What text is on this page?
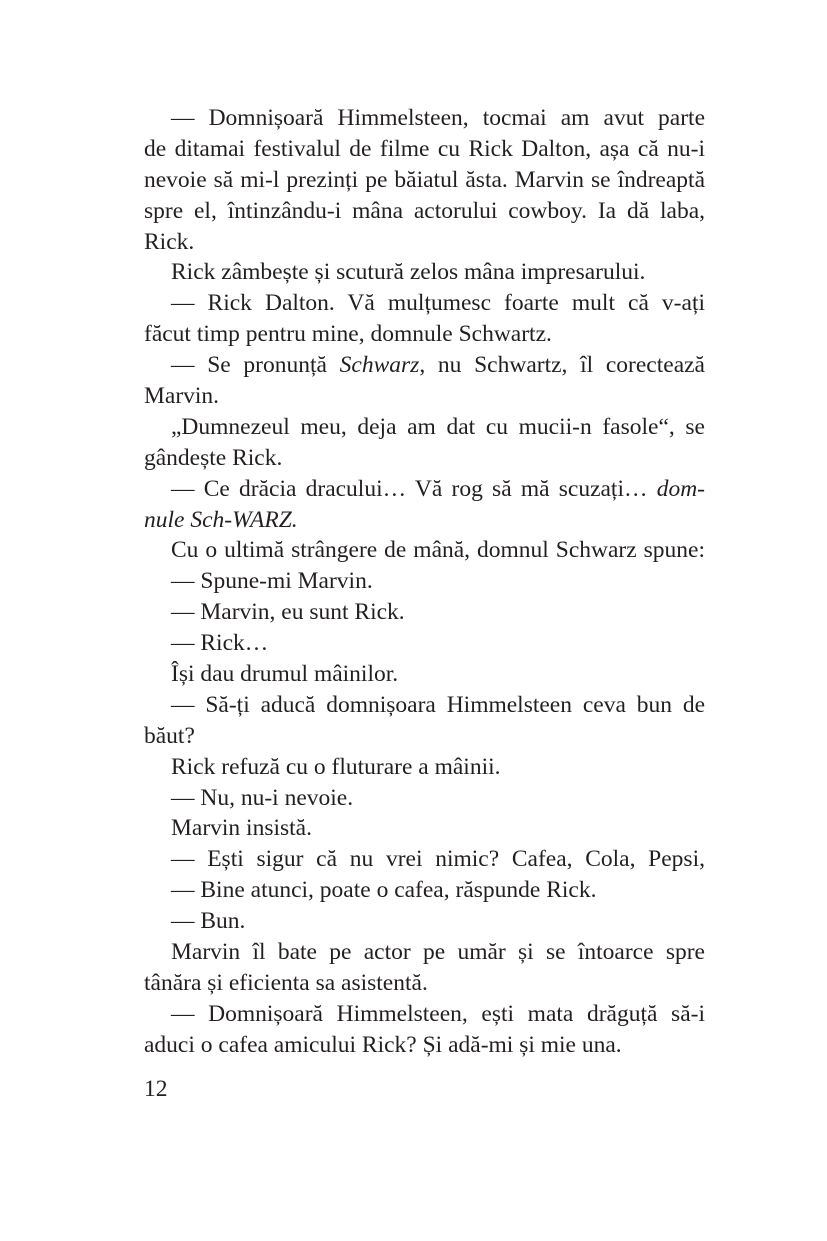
— Domnișoară Himmelsteen, tocmai am avut parte
de ditamai festivalul de filme cu Rick Dalton, așa că nu-i
nevoie să mi-l prezinți pe băiatul ăsta. Marvin se îndreaptă
spre el, întinzându-i mâna actorului cowboy. Ia dă laba,
Rick.
Rick zâmbește și scutură zelos mâna impresarului.
— Rick Dalton. Vă mulțumesc foarte mult că v-ați
făcut timp pentru mine, domnule Schwartz.
— Se pronunță Schwarz, nu Schwartz, îl corectează
Marvin.
„Dumnezeul meu, deja am dat cu mucii-n fasole“, se
gândește Rick.
— Ce drăcia dracului… Vă rog să mă scuzați… dom-
nule Sch-WARZ.
Cu o ultimă strângere de mână, domnul Schwarz spune:
— Spune-mi Marvin.
— Marvin, eu sunt Rick.
— Rick…
Își dau drumul mâinilor.
— Să-ți aducă domnișoara Himmelsteen ceva bun de
băut?
Rick refuză cu o fluturare a mâinii.
— Nu, nu-i nevoie.
Marvin insistă.
— Ești sigur că nu vrei nimic? Cafea, Cola, Pepsi,
— Bine atunci, poate o cafea, răspunde Rick.
— Bun.
Marvin îl bate pe actor pe umăr și se întoarce spre
tânăra și eficienta sa asistentă.
— Domnișoară Himmelsteen, ești mata drăguță să-i
aduci o cafea amicului Rick? Și adă-mi și mie una.
12
